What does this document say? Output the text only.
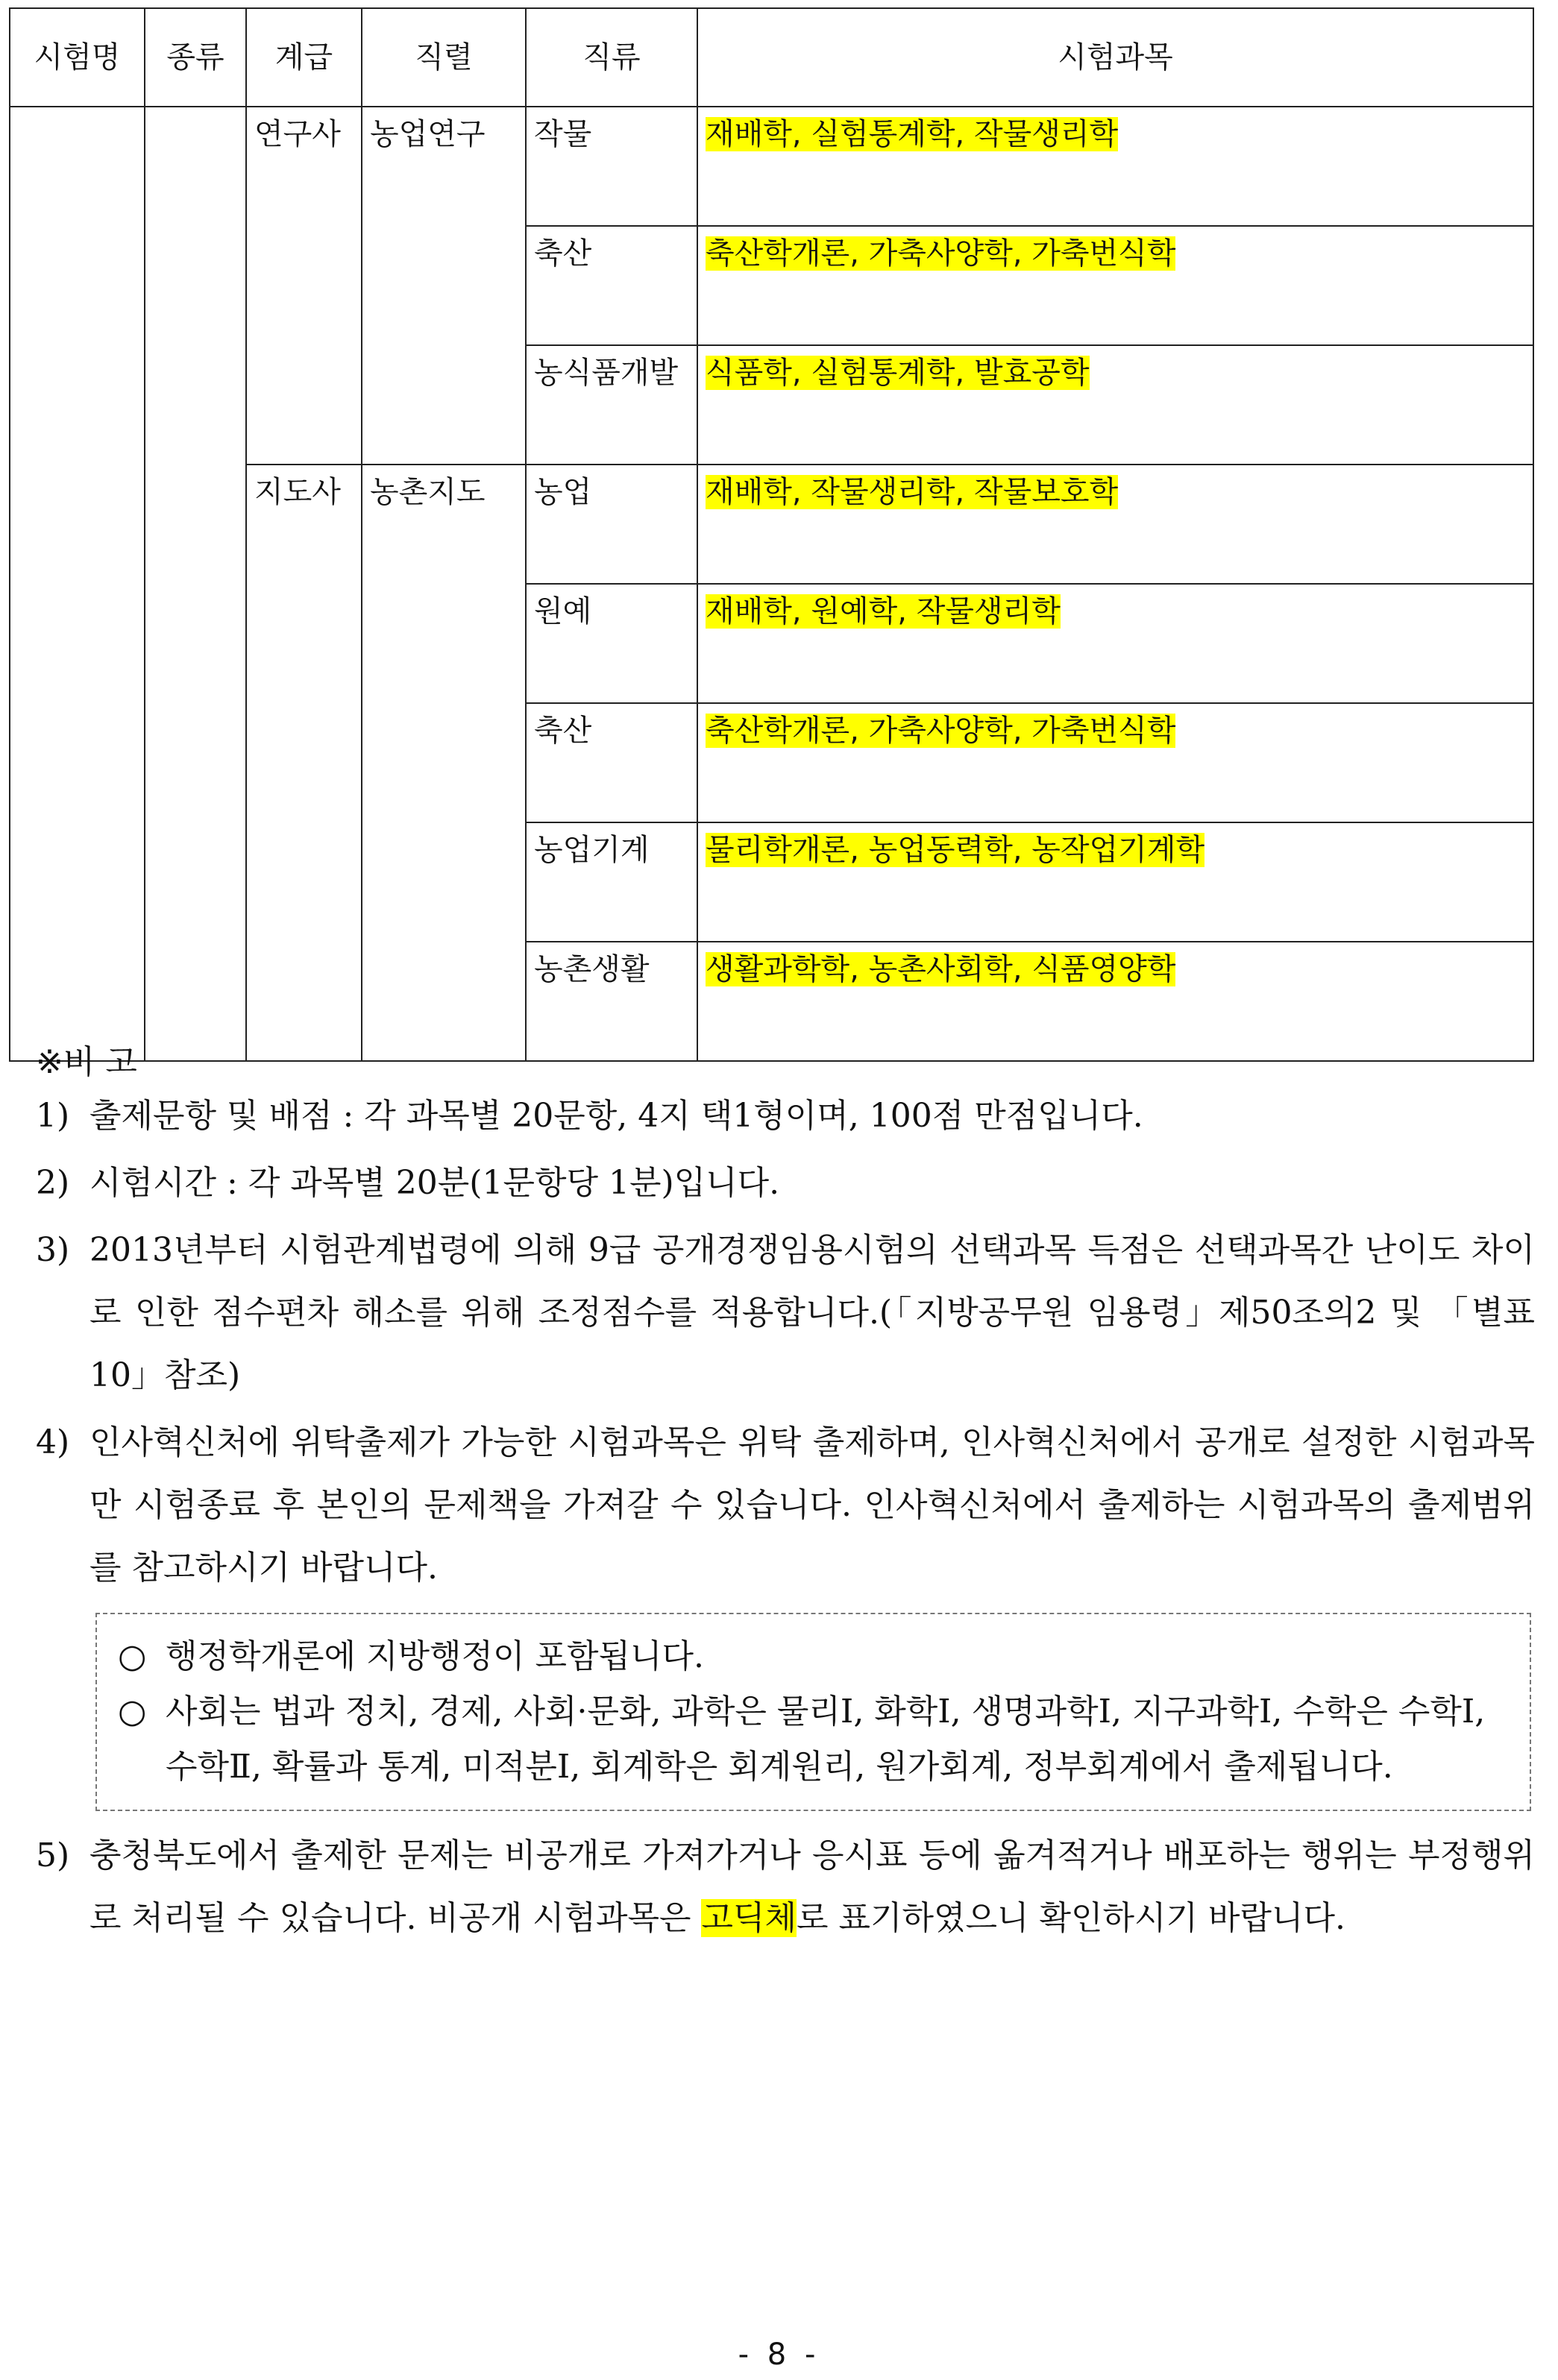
시험명	종류	계급	직렬	직류	시험과목
		연구사	농업연구	작물	재배학, 실험통계학, 작물생리학
				축산	축산학개론, 가축사양학, 가축번식학
				농식품개발	식품학, 실험통계학, 발효공학
		지도사	농촌지도	농업	재배학, 작물생리학, 작물보호학
				원예	재배학, 원예학, 작물생리학
				축산	축산학개론, 가축사양학, 가축번식학
				농업기계	물리학개론, 농업동력학, 농작업기계학
				농촌생활	생활과학학, 농촌사회학, 식품영양학
※비 고
1) 출제문항 및 배점 : 각 과목별 20문항, 4지 택1형이며, 100점 만점입니다.
2) 시험시간 : 각 과목별 20분(1문항당 1분)입니다.
3) 2013년부터 시험관계법령에 의해 9급 공개경쟁임용시험의 선택과목 득점은 선택과목간 난이도 차이로 인한 점수편차 해소를 위해 조정점수를 적용합니다.(｢지방공무원 임용령｣ 제50조의2 및 「별표 10」참조)
4) 인사혁신처에 위탁출제가 가능한 시험과목은 위탁 출제하며, 인사혁신처에서 공개로 설정한 시험과목만 시험종료 후 본인의 문제책을 가져갈 수 있습니다. 인사혁신처에서 출제하는 시험과목의 출제범위를 참고하시기 바랍니다.
○ 행정학개론에 지방행정이 포함됩니다.
○ 사회는 법과 정치, 경제, 사회·문화, 과학은 물리Ⅰ, 화학Ⅰ, 생명과학Ⅰ, 지구과학Ⅰ, 수학은 수학Ⅰ, 수학Ⅱ, 확률과 통계, 미적분Ⅰ, 회계학은 회계원리, 원가회계, 정부회계에서 출제됩니다.
5) 충청북도에서 출제한 문제는 비공개로 가져가거나 응시표 등에 옮겨적거나 배포하는 행위는 부정행위로 처리될 수 있습니다. 비공개 시험과목은 고딕체로 표기하였으니 확인하시기 바랍니다.
- 8 -
